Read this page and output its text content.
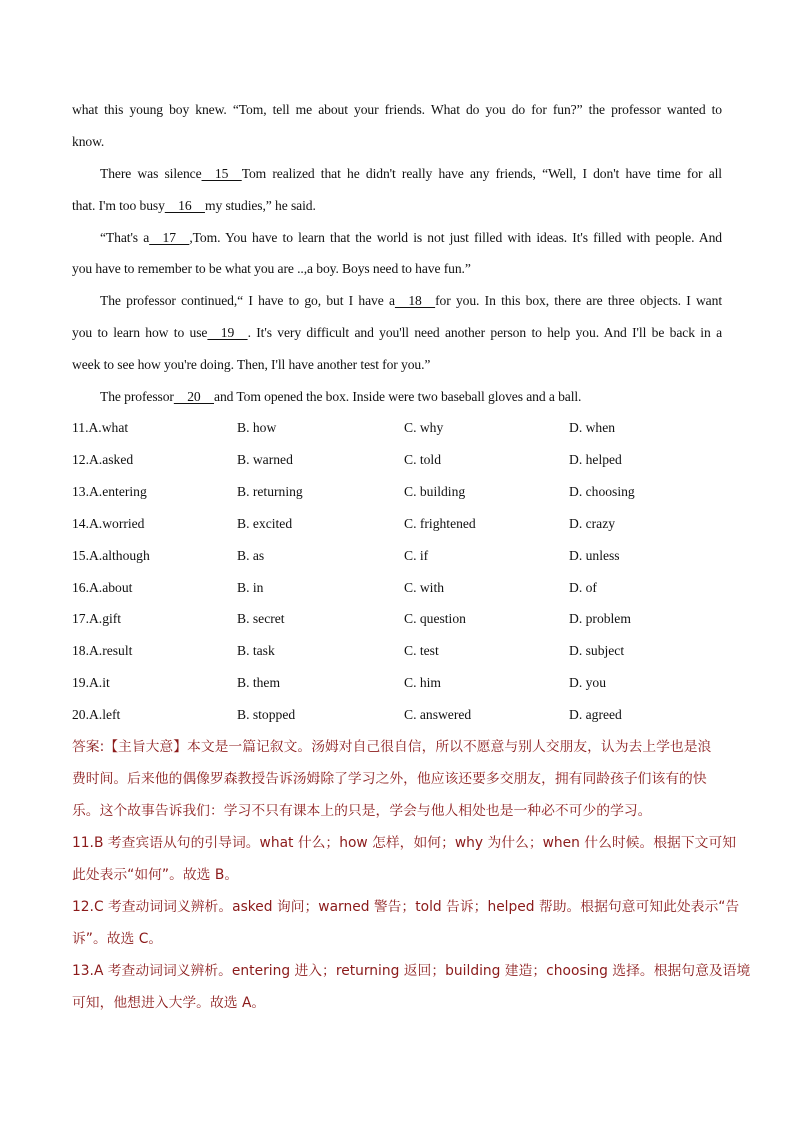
what this young boy knew. “Tom, tell me about your friends. What do you do for fun?” the professor wanted to
know.
There was silence  15  Tom realized that he didn't really have any friends, “Well, I don't have time for all
that. I'm too busy  16  my studies,” he said.
“That's a  17  ,Tom. You have to learn that the world is not just filled with ideas. It's filled with people. And
you have to remember to be what you are ..,a boy. Boys need to have fun.”
The professor continued,“ I have to go, but I have a  18  for you. In this box, there are three objects. I want
you to learn how to use  19  . It's very difficult and you'll need another person to help you. And I'll be back in a
week to see how you're doing. Then, I'll have another test for you.”
The professor  20  and Tom opened the box. Inside were two baseball gloves and a ball.
11.A.what	B. how	C. why	D. when
12.A.asked	B. warned	C. told	D. helped
13.A.entering	B. returning	C. building	D. choosing
14.A.worried	B. excited	C. frightened	D. crazy
15.A.although	B. as	C. if	D. unless
16.A.about	B. in	C. with	D. of
17.A.gift	B. secret	C. question	D. problem
18.A.result	B. task	C. test	D. subject
19.A.it	B. them	C. him	D. you
20.A.left	B. stopped	C. answered	D. agreed
答案:【主旨大意】本文是一篇记叙文。汤姆对自己很自信，所以不愿意与别人交朋友，认为去上学也是浪
费时间。后来他的偶像罗森教授告诉汤姆除了学习之外，他应该还要多交朋友，拥有同龄孩子们该有的快
乐。这个故事告诉我们：学习不只有课本上的只是，学会与他人相处也是一种必不可少的学习。
11.B 考查宾语从句的引导词。what 什么；how 怎样，如何；why 为什么；when 什么时候。根据下文可知
此处表示“如何”。故选 B。
12.C 考查动词词义辨析。asked 询问；warned 警告；told 告诉；helped 帮助。根据句意可知此处表示“告
诉”。故选 C。
13.A 考查动词词义辨析。entering 进入；returning 返回；building 建造；choosing 选择。根据句意及语境
可知，他想进入大学。故选 A。
